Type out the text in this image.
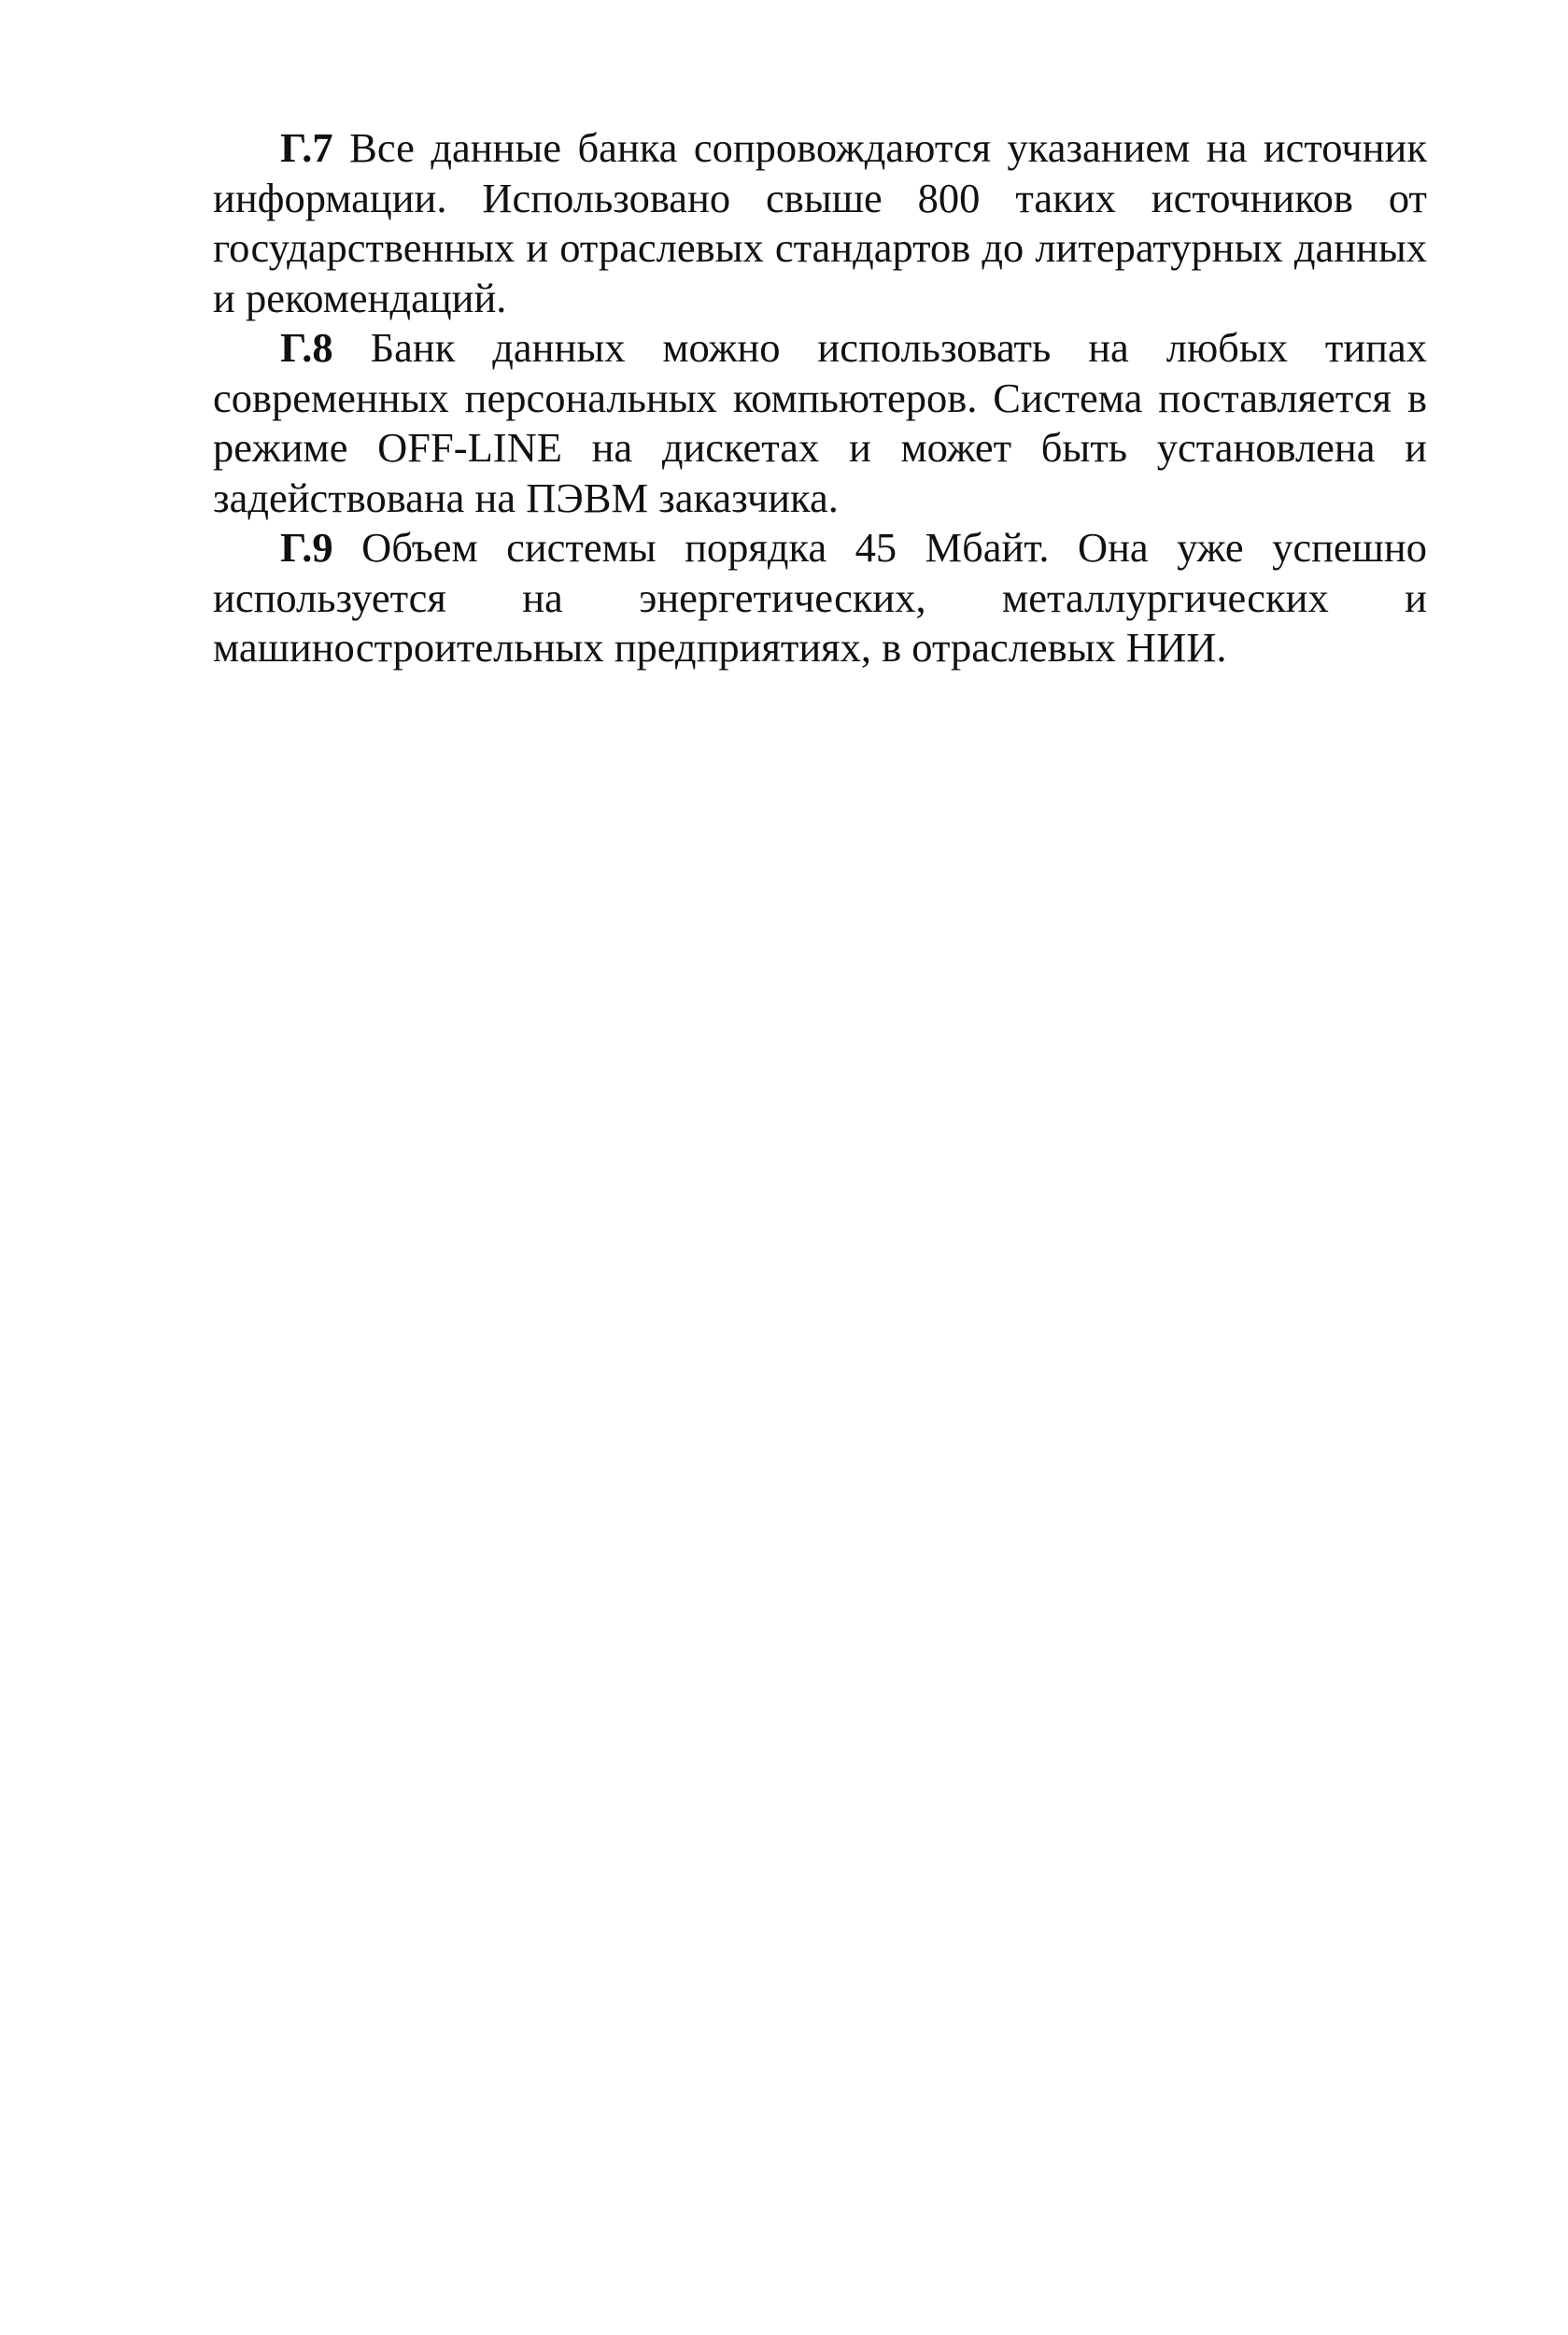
Г.7 Все данные банка сопровождаются указанием на источник информации. Использовано свыше 800 таких источников от государственных и отраслевых стандартов до литературных данных и рекомендаций.

Г.8 Банк данных можно использовать на любых типах современных персональных компьютеров. Система поставляется в режиме OFF-LINE на дискетах и может быть установлена и задействована на ПЭВМ заказчика.

Г.9 Объем системы порядка 45 Мбайт. Она уже успешно используется на энергетических, металлургических и машиностроительных предприятиях, в отраслевых НИИ.
